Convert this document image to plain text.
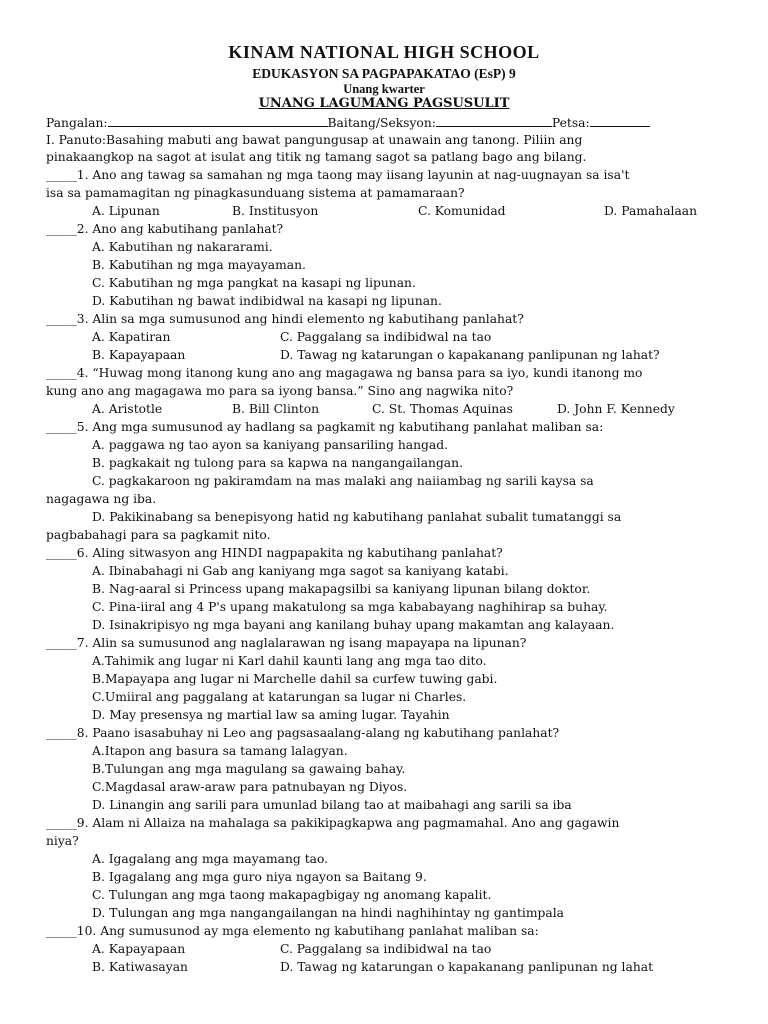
KINAM NATIONAL HIGH SCHOOL
EDUKASYON SA PAGPAPAKATAO (EsP) 9
Unang kwarter
UNANG LAGUMANG PAGSUSULIT
Pangalan:	Baitang/Seksyon:	Petsa:
I. Panuto:Basahing mabuti ang bawat pangungusap at unawain ang tanong. Piliin ang
pinakaangkop na sagot at isulat ang titik ng tamang sagot sa patlang bago ang bilang.
_____1. Ano ang tawag sa samahan ng mga taong may iisang layunin at nag-uugnayan sa isa't
isa sa pamamagitan ng pinagkasunduang sistema at pamamaraan?
A. Lipunan	B. Institusyon	C. Komunidad	D. Pamahalaan
_____2. Ano ang kabutihang panlahat?
A. Kabutihan ng nakararami.
B. Kabutihan ng mga mayayaman.
C. Kabutihan ng mga pangkat na kasapi ng lipunan.
D. Kabutihan ng bawat indibidwal na kasapi ng lipunan.
_____3. Alin sa mga sumusunod ang hindi elemento ng kabutihang panlahat?
A. Kapatiran	C. Paggalang sa indibidwal na tao
B. Kapayapaan	D. Tawag ng katarungan o kapakanang panlipunan ng lahat?
_____4. “Huwag mong itanong kung ano ang magagawa ng bansa para sa iyo, kundi itanong mo
kung ano ang magagawa mo para sa iyong bansa.” Sino ang nagwika nito?
A. Aristotle	B. Bill Clinton	C. St. Thomas Aquinas	D. John F. Kennedy
_____5. Ang mga sumusunod ay hadlang sa pagkamit ng kabutihang panlahat maliban sa:
A. paggawa ng tao ayon sa kaniyang pansariling hangad.
B. pagkakait ng tulong para sa kapwa na nangangailangan.
C. pagkakaroon ng pakiramdam na mas malaki ang naiiambag ng sarili kaysa sa
nagagawa ng iba.
D. Pakikinabang sa benepisyong hatid ng kabutihang panlahat subalit tumatanggi sa
pagbabahagi para sa pagkamit nito.
_____6. Aling sitwasyon ang HINDI nagpapakita ng kabutihang panlahat?
A. Ibinabahagi ni Gab ang kaniyang mga sagot sa kaniyang katabi.
B. Nag-aaral si Princess upang makapagsilbi sa kaniyang lipunan bilang doktor.
C. Pina-iiral ang 4 P's upang makatulong sa mga kababayang naghihirap sa buhay.
D. Isinakripisyo ng mga bayani ang kanilang buhay upang makamtan ang kalayaan.
_____7. Alin sa sumusunod ang naglalarawan ng isang mapayapa na lipunan?
A.Tahimik ang lugar ni Karl dahil kaunti lang ang mga tao dito.
B.Mapayapa ang lugar ni Marchelle dahil sa curfew tuwing gabi.
C.Umiiral ang paggalang at katarungan sa lugar ni Charles.
D. May presensya ng martial law sa aming lugar. Tayahin
_____8. Paano isasabuhay ni Leo ang pagsasaalang-alang ng kabutihang panlahat?
A.Itapon ang basura sa tamang lalagyan.
B.Tulungan ang mga magulang sa gawaing bahay.
C.Magdasal araw-araw para patnubayan ng Diyos.
D. Linangin ang sarili para umunlad bilang tao at maibahagi ang sarili sa iba
_____9. Alam ni Allaiza na mahalaga sa pakikipagkapwa ang pagmamahal. Ano ang gagawin
niya?
A. Igagalang ang mga mayamang tao.
B. Igagalang ang mga guro niya ngayon sa Baitang 9.
C. Tulungan ang mga taong makapagbigay ng anomang kapalit.
D. Tulungan ang mga nangangailangan na hindi naghihintay ng gantimpala
_____10. Ang sumusunod ay mga elemento ng kabutihang panlahat maliban sa:
A. Kapayapaan	C. Paggalang sa indibidwal na tao
B. Katiwasayan	D. Tawag ng katarungan o kapakanang panlipunan ng lahat
